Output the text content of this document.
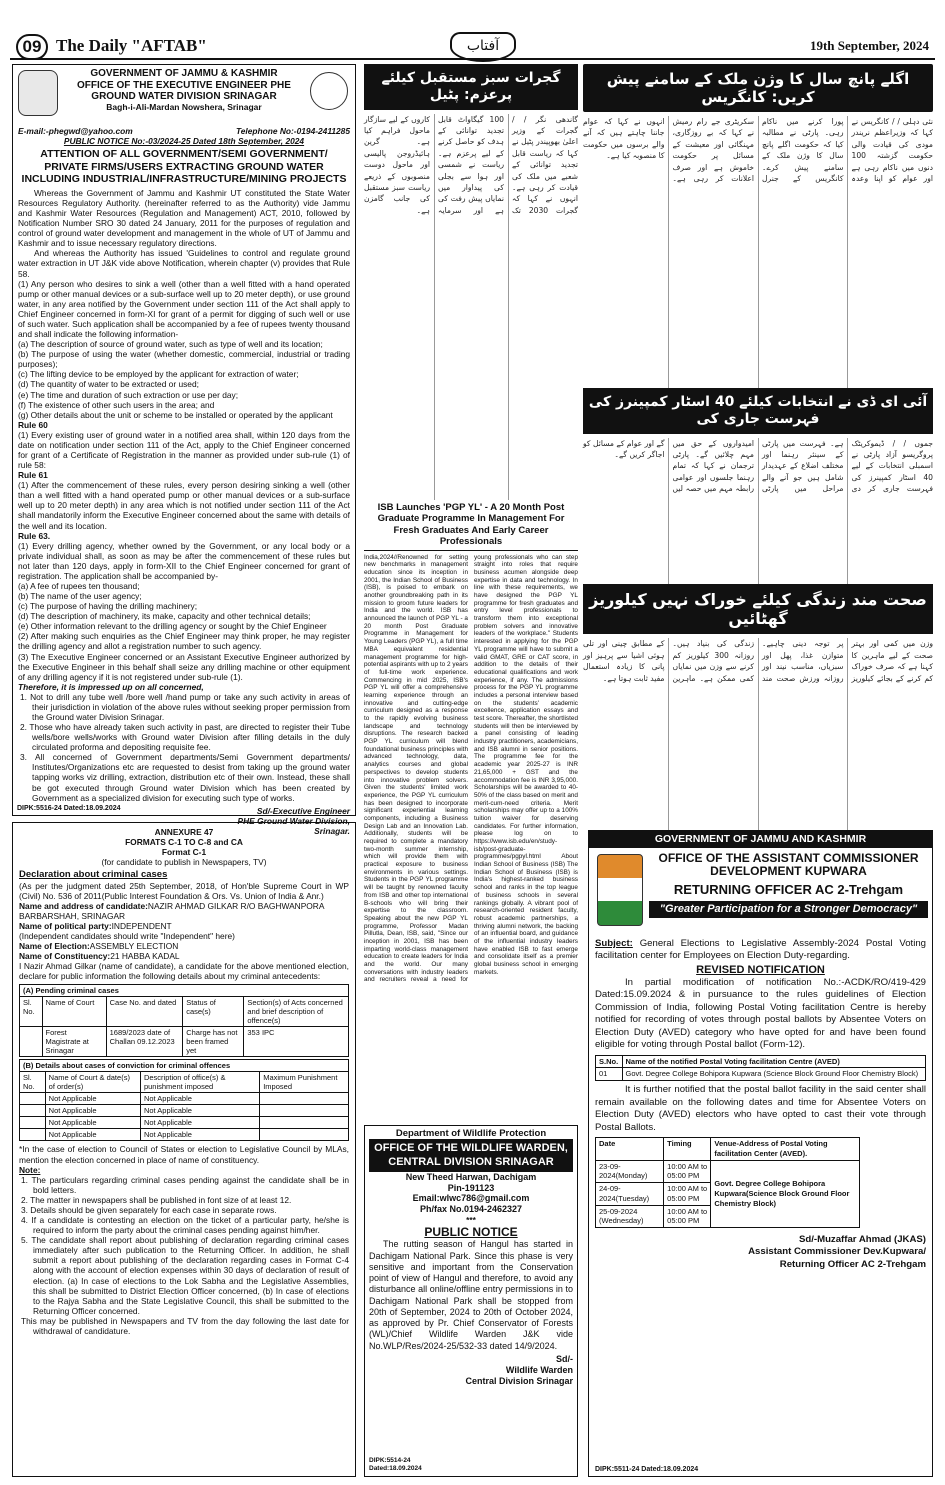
09 The Daily "AFTAB"	آفتاب	19th September, 2024
GOVERNMENT OF JAMMU & KASHMIR
OFFICE OF THE EXECUTIVE ENGINEER PHE GROUND WATER DIVISION SRINAGAR
Bagh-i-Ali-Mardan Nowshera, Srinagar
E-mail:-phegwd@yahoo.com	Telephone No:-0194-2411285
PUBLIC NOTICE No:-03/2024-25 Dated 18th September, 2024
ATTENTION OF ALL GOVERNMENT/SEMI GOVERNMENT/ PRIVATE FIRMS/USERS EXTRACTING GROUND WATER INCLUDING INDUSTRIAL/INFRASTRUCTURE/MINING PROJECTS
Whereas the Government of Jammu and Kashmir UT constituted the State Water Resources Regulatory Authority. (hereinafter referred to as the Authority) vide Jammu and Kashmir Water Resources (Regulation and Management) ACT, 2010, followed by Notification Number SRO 30 dated 24 January, 2011 for the purposes of regulation and control of ground water development and management in the whole of UT of Jammu and Kashmir and to issue necessary regulatory directions.
And whereas the Authority has issued 'Guidelines to control and regulate ground water extraction in UT J&K vide above Notification, wherein chapter (v) provides that Rule 58.
(1) Any person who desires to sink a well (other than a well fitted with a hand operated pump or other manual devices or a sub-surface well up to 20 meter depth), or use ground water, in any area notified by the Government under section 111 of the Act shall apply to Chief Engineer concerned in form-XI for grant of a permit for digging of such well or use of such water. Such application shall be accompanied by a fee of rupees twenty thousand and shall indicate the following information-
(a) The description of source of ground water, such as type of well and its location;
(b) The purpose of using the water (whether domestic, commercial, industrial or trading purposes);
(c) The lifting device to be employed by the applicant for extraction of water;
(d) The quantity of water to be extracted or used;
(e) The time and duration of such extraction or use per day;
(f) The existence of other such users in the area; and
(g) Other details about the unit or scheme to be installed or operated by the applicant
Rule 60
(1) Every existing user of ground water in a notified area shall, within 120 days from the date on notification under section 111 of the Act, apply to the Chief Engineer concerned for grant of a Certificate of Registration in the manner as provided under sub-rule (1) of rule 58:
Rule 61
(1) After the commencement of these rules, every person desiring sinking a well (other than a well fitted with a hand operated pump or other manual devices or a sub-surface well up to 20 meter depth) in any area which is not notified under section 111 of the Act shall mandatorily inform the Executive Engineer concerned about the same with details of the well and its location.
Rule 63.
(1) Every drilling agency, whether owned by the Government, or any local body or a private individual shall, as soon as may be after the commencement of these rules but not later than 120 days, apply in form-XII to the Chief Engineer concerned for grant of registration. The application shall be accompanied by-
(a) A fee of rupees ten thousand;
(b) The name of the user agency;
(c) The purpose of having the drilling machinery;
(d) The description of machinery, its make, capacity and other technical details;
(e) Other information relevant to the drilling agency or sought by the Chief Engineer
(2) After making such enquiries as the Chief Engineer may think proper, he may register the drilling agency and allot a registration number to such agency.
(3) The Executive Engineer concerned or an Assistant Executive Engineer authorized by the Executive Engineer in this behalf shall seize any drilling machine or other equipment of any drilling agency if it is not registered under sub-rule (1).
Therefore, it is impressed up on all concerned,
1. Not to drill any tube well /bore well /hand pump or take any such activity in areas of their jurisdiction in violation of the above rules without seeking proper permission from the Ground water Division Srinagar.
2. Those who have already taken such activity in past, are directed to register their Tube wells/bore wells/works with Ground water Division after filling details in the duly circulated proforma and depositing requisite fee.
3. All concerned of Government departments/Semi Government departments/ Institutes/Organizations etc are requested to desist from taking up the ground water tapping works viz drilling, extraction, distribution etc of their own. Instead, these shall be got executed through Ground water Division which has been created by Government as a specialized division for executing such type of works.
Sd/-Executive Engineer
PHE Ground Water Division,
Srinagar.
DIPK:5516-24 Dated:18.09.2024
ANNEXURE 47
FORMATS C-1 TO C-8 and CA
Format C-1
(for candidate to publish in Newspapers, TV)
Declaration about criminal cases
(As per the judgment dated 25th September, 2018, of Hon'ble Supreme Court in WP (Civil) No. 536 of 2011(Public Interest Foundation & Ors. Vs. Union of India & Anr.)
Name and address of candidate:NAZIR AHMAD GILKAR R/O BAGHWANPORA BARBARSHAH, SRINAGAR
Name of political party:INDEPENDENT
(Independent candidates should write "Independent" here)
Name of Election:ASSEMBLY ELECTION
Name of Constituency:21 HABBA KADAL
I Nazir Ahmad Gilkar (name of candidate), a candidate for the above mentioned election, declare for public information the following details about my criminal antecedents:
(A) Pending criminal cases				
Sl. No.	Name of Court	Case No. and dated	Status of case(s)	Section(s) of Acts concerned and brief description of offence(s)
	Forest Magistrate at Srinagar	1689/2023 date of Challan 09.12.2023	Charge has not been framed yet	353 IPC
(B) Details about cases of conviction for criminal offences			
Sl. No.	Name of Court & date(s) of order(s)	Description of office(s) & punishment imposed	Maximum Punishment Imposed
	Not Applicable	Not Applicable	
	Not Applicable	Not Applicable	
	Not Applicable	Not Applicable	
	Not Applicable	Not Applicable	
*In the case of election to Council of States or election to Legislative Council by MLAs, mention the election concerned in place of name of constituency.
Note:
1. The particulars regarding criminal cases pending against the candidate shall be in bold letters.
2. The matter in newspapers shall be published in font size of at least 12.
3. Details should be given separately for each case in separate rows.
4. If a candidate is contesting an election on the ticket of a particular party, he/she is required to inform the party about the criminal cases pending against him/her.
5. The candidate shall report about publishing of declaration regarding criminal cases immediately after such publication to the Returning Officer. In addition, he shall submit a report about publishing of the declaration regarding cases in Format C-4 along with the account of election expenses within 30 days of declaration of result of election. (a) In case of elections to the Lok Sabha and the Legislative Assemblies, this shall be submitted to District Election Officer concerned, (b) In case of elections to the Rajya Sabha and the State Legislative Council, this shall be submitted to the Returning Officer concerned.
This may be published in Newspapers and TV from the day following the last date for withdrawal of candidature.
اگلے پانچ سال کا وژن ملک کے سامنے پیش کریں: کانگریس
نئی دہلی / / کانگریس نے کہا کہ وزیراعظم نریندر مودی کی قیادت والی حکومت گزشتہ 100 دنوں میں ناکام رہی ہے اور عوام کو اپنا وعدہ پورا کرنے میں ناکام رہی۔ پارٹی نے مطالبہ کیا کہ حکومت اگلے پانچ سال کا وژن ملک کے سامنے پیش کرے۔ کانگریس کے جنرل سکریٹری جے رام رمیش نے کہا کہ بے روزگاری، مہنگائی اور معیشت کے مسائل پر حکومت خاموش ہے اور صرف اعلانات کر رہی ہے۔ انہوں نے کہا کہ عوام جاننا چاہتے ہیں کہ آنے والے برسوں میں حکومت کا منصوبہ کیا ہے۔
گجرات سبز مستقبل کیلئے پرعزم: پٹیل
گاندھی نگر / / گجرات کے وزیر اعلیٰ بھوپیندر پٹیل نے کہا کہ ریاست قابل تجدید توانائی کے شعبے میں ملک کی قیادت کر رہی ہے۔ انہوں نے کہا کہ گجرات 2030 تک 100 گیگاواٹ قابل تجدید توانائی کے ہدف کو حاصل کرنے کے لیے پرعزم ہے۔ ریاست نے شمسی اور ہوا سے بجلی کی پیداوار میں نمایاں پیش رفت کی ہے اور سرمایہ کاروں کے لیے سازگار ماحول فراہم کیا ہے۔ گرین ہائیڈروجن پالیسی اور ماحول دوست منصوبوں کے ذریعے ریاست سبز مستقبل کی جانب گامزن ہے۔
آئی ای ڈی نے انتخابات کیلئے 40 اسٹار کمپینرز کی فہرست جاری کی
جموں / / ڈیموکریٹک پروگریسو آزاد پارٹی نے اسمبلی انتخابات کے لیے 40 اسٹار کمپینرز کی فہرست جاری کر دی ہے۔ فہرست میں پارٹی کے سینئر رہنما اور مختلف اضلاع کے عہدیدار شامل ہیں جو آنے والے مراحل میں پارٹی امیدواروں کے حق میں مہم چلائیں گے۔ پارٹی ترجمان نے کہا کہ تمام رہنما جلسوں اور عوامی رابطہ مہم میں حصہ لیں گے اور عوام کے مسائل کو اجاگر کریں گے۔
صحت مند زندگی کیلئے خوراک نہیں کیلوریز گھٹائیں
وزن میں کمی اور بہتر صحت کے لیے ماہرین کا کہنا ہے کہ صرف خوراک کم کرنے کے بجائے کیلوریز پر توجہ دینی چاہیے۔ متوازن غذا، پھل اور سبزیاں، مناسب نیند اور روزانہ ورزش صحت مند زندگی کی بنیاد ہیں۔ روزانہ 300 کیلوریز کم کرنے سے وزن میں نمایاں کمی ممکن ہے۔ ماہرین کے مطابق چینی اور تلی ہوئی اشیا سے پرہیز اور پانی کا زیادہ استعمال مفید ثابت ہوتا ہے۔
ISB Launches 'PGP YL' - A 20 Month Post Graduate Programme In Management For Fresh Graduates And Early Career Professionals
India,2024//Renowned for setting new benchmarks in management education since its inception in 2001, the Indian School of Business (ISB), is poised to embark on another groundbreaking path in its mission to groom future leaders for India and the world. ISB has announced the launch of PGP YL - a 20 month Post Graduate Programme in Management for Young Leaders (PGP YL), a full time MBA equivalent residential management programme for high-potential aspirants with up to 2 years of full-time work experience. Commencing in mid 2025, ISB's PGP YL will offer a comprehensive learning experience through an innovative and cutting-edge curriculum designed as a response to the rapidly evolving business landscape and technology disruptions. The research backed PGP YL curriculum will blend foundational business principles with advanced technology, data, analytics courses and global perspectives to develop students into innovative problem solvers. Given the students' limited work experience, the PGP YL curriculum has been designed to incorporate significant experiential learning components, including a Business Design Lab and an Innovation Lab. Additionally, students will be required to complete a mandatory two-month summer internship, which will provide them with practical exposure to business environments in various settings. Students in the PGP YL programme will be taught by renowned faculty from ISB and other top international B-schools who will bring their expertise to the classroom. Speaking about the new PGP YL programme, Professor Madan Pillutla, Dean, ISB, said, "Since our inception in 2001, ISB has been imparting world-class management education to create leaders for India and the world. Our many conversations with industry leaders and recruiters reveal a need for young professionals who can step straight into roles that require business acumen alongside deep expertise in data and technology. In line with these requirements, we have designed the PGP YL programme for fresh graduates and entry level professionals to transform them into exceptional problem solvers and innovative leaders of the workplace." Students interested in applying for the PGP YL programme will have to submit a valid GMAT, GRE or CAT score, in addition to the details of their educational qualifications and work experience, if any. The admissions process for the PGP YL programme includes a personal interview based on the students' academic excellence, application essays and test score. Thereafter, the shortlisted students will then be interviewed by a panel consisting of leading industry practitioners, academicians, and ISB alumni in senior positions. The programme fee for the academic year 2025-27 is INR 21,65,000 + GST and the accommodation fee is INR 3,95,000. Scholarships will be awarded to 40-50% of the class based on merit and merit-cum-need criteria. Merit scholarships may offer up to a 100% tuition waiver for deserving candidates. For further information, please log on to https://www.isb.edu/en/study-isb/post-graduate-programmes/pgpyl.html About Indian School of Business (ISB) The Indian School of Business (ISB) is India's highest-ranked business school and ranks in the top league of business schools in several rankings globally. A vibrant pool of research-oriented resident faculty, robust academic partnerships, a thriving alumni network, the backing of an influential board, and guidance of the influential industry leaders have enabled ISB to fast emerge and consolidate itself as a premier global business school in emerging markets.
Department of Wildlife Protection
OFFICE OF THE WILDLIFE WARDEN, CENTRAL DIVISION SRINAGAR
New Theed Harwan, Dachigam
Pin-191123
Email:wlwc786@gmail.com
Ph/fax No.0194-2462327
***
PUBLIC NOTICE
The rutting season of Hangul has started in Dachigam National Park. Since this phase is very sensitive and important from the Conservation point of view of Hangul and therefore, to avoid any disturbance all online/offline entry permissions in to Dachigam National Park shall be stopped from 20th of September, 2024 to 20th of October 2024, as approved by Pr. Chief Conservator of Forests (WL)/Chief Wildlife Warden J&K vide No.WLP/Res/2024-25/532-33 dated 14/9/2024.
Sd/-
Wildlife Warden
Central Division Srinagar
DIPK:5514-24
Dated:18.09.2024
GOVERNMENT OF JAMMU AND KASHMIR
OFFICE OF THE ASSISTANT COMMISSIONER DEVELOPMENT KUPWARA
RETURNING OFFICER AC 2-Trehgam
"Greater Participation for a Stronger Democracy"
Subject: General Elections to Legislative Assembly-2024 Postal Voting facilitation center for Employees on Election Duty-regarding.
REVISED NOTIFICATION
In partial modification of notification No.:-ACDK/RO/419-429 Dated:15.09.2024 & in pursuance to the rules guidelines of Election Commission of India, following Postal Voting facilitation Centre is hereby notified for recording of votes through postal ballots by Absentee Voters on Election Duty (AVED) category who have opted for and have been found eligible for voting through Postal ballot (Form-12).
S.No.	Name of the notified Postal Voting facilitation Centre (AVED)
01	Govt. Degree College Bohipora Kupwara (Science Block Ground Floor Chemistry Block)
It is further notified that the postal ballot facility in the said center shall remain available on the following dates and time for Absentee Voters on Election Duty (AVED) electors who have opted to cast their vote through Postal Ballots.
Date	Timing	Venue-Address of Postal Voting facilitation Center (AVED).
23-09-2024(Monday)	10:00 AM to 05:00 PM	Govt. Degree College Bohipora Kupwara(Science Block Ground Floor Chemistry Block)
24-09-2024(Tuesday)	10:00 AM to 05:00 PM	
25-09-2024 (Wednesday)	10:00 AM to 05:00 PM	
Sd/-Muzaffar Ahmad (JKAS)
Assistant Commissioner Dev.Kupwara/
Returning Officer AC 2-Trehgam
DIPK:5511-24 Dated:18.09.2024
